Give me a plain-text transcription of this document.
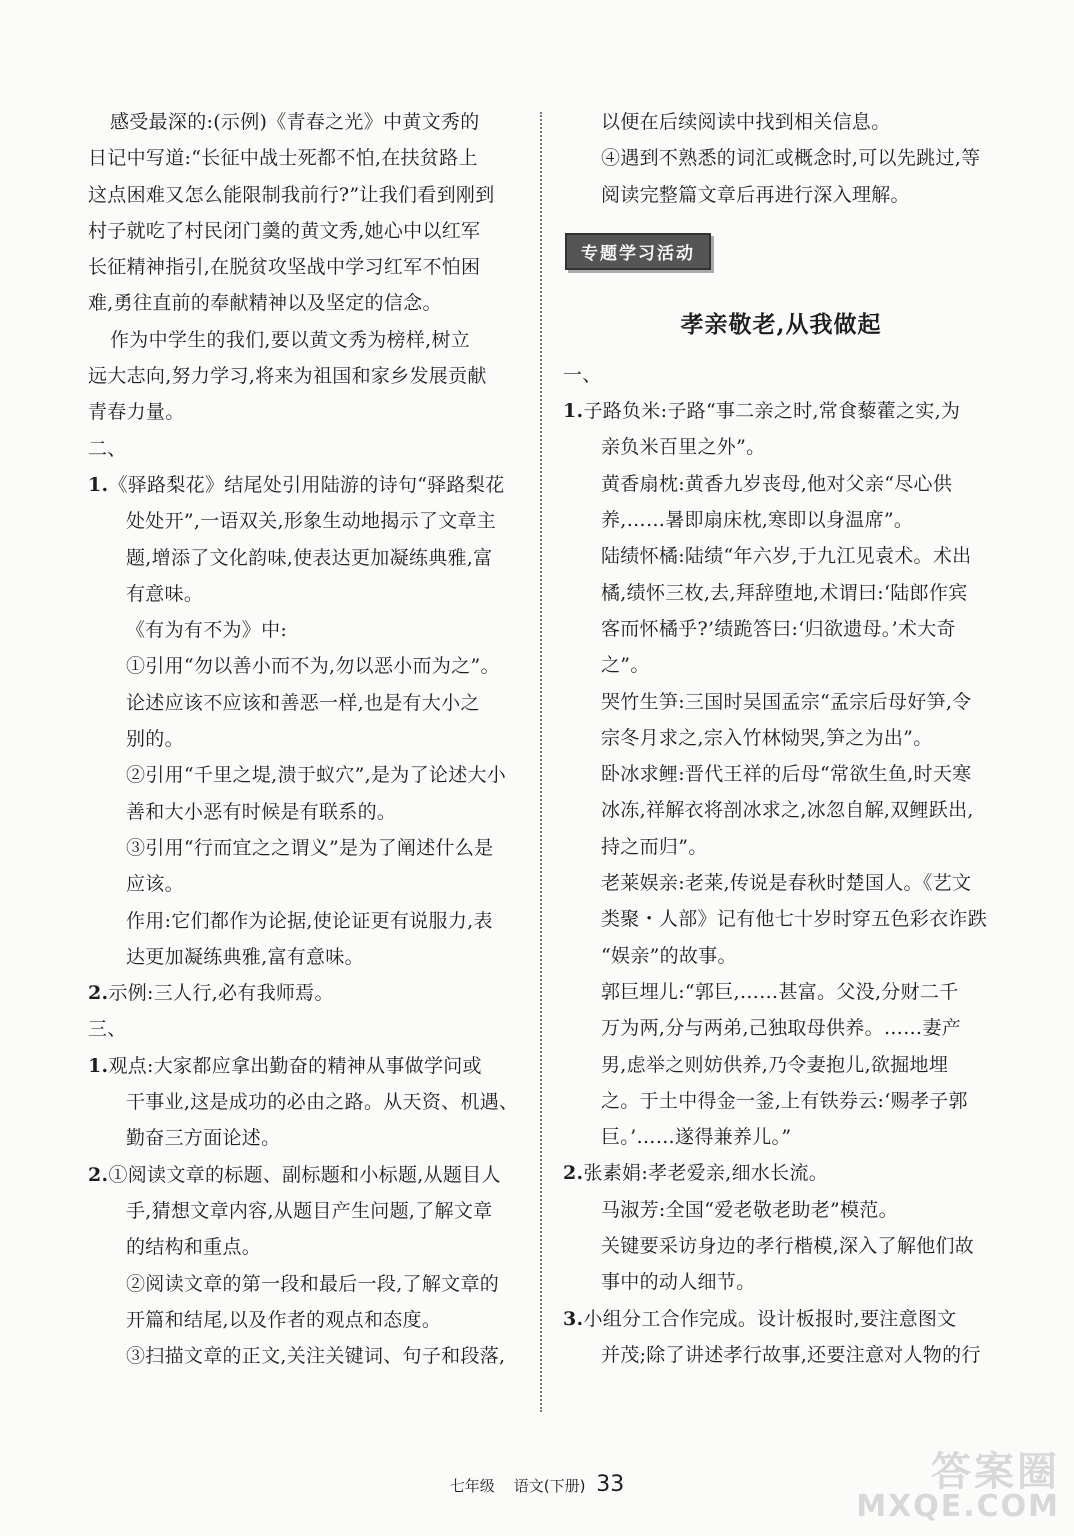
感受最深的:(示例)《青春之光》中黄文秀的
日记中写道:“长征中战士死都不怕,在扶贫路上
这点困难又怎么能限制我前行?”让我们看到刚到
村子就吃了村民闭门羹的黄文秀,她心中以红军
长征精神指引,在脱贫攻坚战中学习红军不怕困
难,勇往直前的奉献精神以及坚定的信念。
作为中学生的我们,要以黄文秀为榜样,树立
远大志向,努力学习,将来为祖国和家乡发展贡献
青春力量。
二、
1.《驿路梨花》结尾处引用陆游的诗句“驿路梨花
处处开”,一语双关,形象生动地揭示了文章主
题,增添了文化韵味,使表达更加凝练典雅,富
有意味。
《有为有不为》中:
①引用“勿以善小而不为,勿以恶小而为之”。
论述应该不应该和善恶一样,也是有大小之
别的。
②引用“千里之堤,溃于蚁穴”,是为了论述大小
善和大小恶有时候是有联系的。
③引用“行而宜之之谓义”是为了阐述什么是
应该。
作用:它们都作为论据,使论证更有说服力,表
达更加凝练典雅,富有意味。
2.示例:三人行,必有我师焉。
三、
1.观点:大家都应拿出勤奋的精神从事做学问或
干事业,这是成功的必由之路。从天资、机遇、
勤奋三方面论述。
2.①阅读文章的标题、副标题和小标题,从题目人
手,猜想文章内容,从题目产生问题,了解文章
的结构和重点。
②阅读文章的第一段和最后一段,了解文章的
开篇和结尾,以及作者的观点和态度。
③扫描文章的正文,关注关键词、句子和段落,
以便在后续阅读中找到相关信息。
④遇到不熟悉的词汇或概念时,可以先跳过,等
阅读完整篇文章后再进行深入理解。
专题学习活动
孝亲敬老,从我做起
一、
1.子路负米:子路“事二亲之时,常食藜藿之实,为
亲负米百里之外”。
黄香扇枕:黄香九岁丧母,他对父亲“尽心供
养,……暑即扇床枕,寒即以身温席”。
陆绩怀橘:陆绩“年六岁,于九江见袁术。术出
橘,绩怀三枚,去,拜辞堕地,术谓曰:‘陆郎作宾
客而怀橘乎?’绩跪答曰:‘归欲遗母。’术大奇
之”。
哭竹生笋:三国时吴国孟宗“孟宗后母好笋,令
宗冬月求之,宗入竹林恸哭,笋之为出”。
卧冰求鲤:晋代王祥的后母“常欲生鱼,时天寒
冰冻,祥解衣将剖冰求之,冰忽自解,双鲤跃出,
持之而归”。
老莱娱亲:老莱,传说是春秋时楚国人。《艺文
类聚・人部》记有他七十岁时穿五色彩衣诈跌
“娱亲”的故事。
郭巨埋儿:“郭巨,……甚富。父没,分财二千
万为两,分与两弟,己独取母供养。……妻产
男,虑举之则妨供养,乃令妻抱儿,欲掘地埋
之。于土中得金一釜,上有铁券云:‘赐孝子郭
巨。’……遂得兼养儿。”
2.张素娟:孝老爱亲,细水长流。
马淑芳:全国“爱老敬老助老”模范。
关键要采访身边的孝行楷模,深入了解他们故
事中的动人细节。
3.小组分工合作完成。设计板报时,要注意图文
并茂;除了讲述孝行故事,还要注意对人物的行
七年级 语文(下册) 33	答案圈
MXQE.COM
